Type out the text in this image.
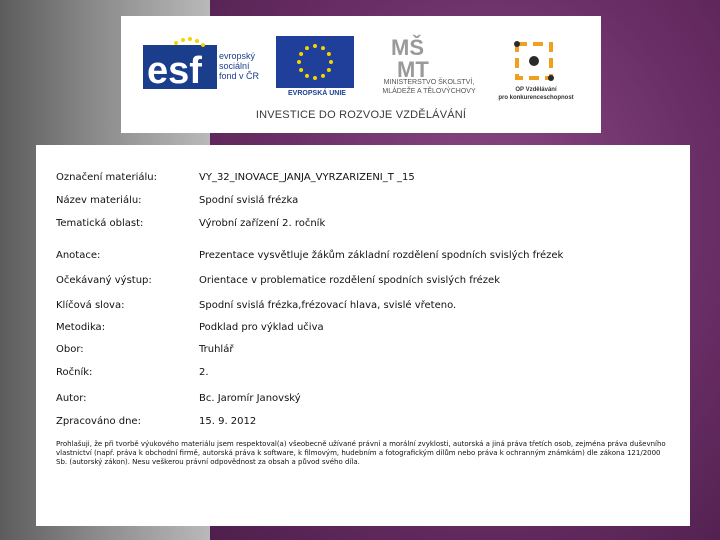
esf evropský
sociální
fond v ČR
EVROPSKÁ UNIE
MŠ
MT
MINISTERSTVO ŠKOLSTVÍ,
MLÁDEŽE A TĚLOVÝCHOVY	OP Vzdělávání
pro konkurenceschopnost
INVESTICE DO ROZVOJE VZDĚLÁVÁNÍ
Označení materiálu:	VY_32_INOVACE_JANJA_VYRZARIZENI_T _15
Název materiálu:	Spodní svislá frézka
Tematická oblast:	Výrobní zařízení 2. ročník
Anotace:	Prezentace vysvětluje žákům základní rozdělení spodních svislých frézek
Očekávaný výstup:	Orientace v problematice rozdělení spodních svislých frézek
Klíčová slova:	Spodní svislá frézka,frézovací hlava, svislé vřeteno.
Metodika:	Podklad pro výklad učiva
Obor:	Truhlář
Ročník:	2.
Autor:	Bc. Jaromír Janovský
Zpracováno dne:	15. 9. 2012
Prohlašuji, že při tvorbě výukového materiálu jsem respektoval(a) všeobecně užívané právní a morální zvyklosti, autorská a jiná práva třetích osob, zejména práva duševního vlastnictví (např. práva k obchodní firmě, autorská práva k software, k filmovým, hudebním a fotografickým dílům nebo práva k ochranným známkám) dle zákona 121/2000 Sb. (autorský zákon). Nesu veškerou právní odpovědnost za obsah a původ svého díla.
